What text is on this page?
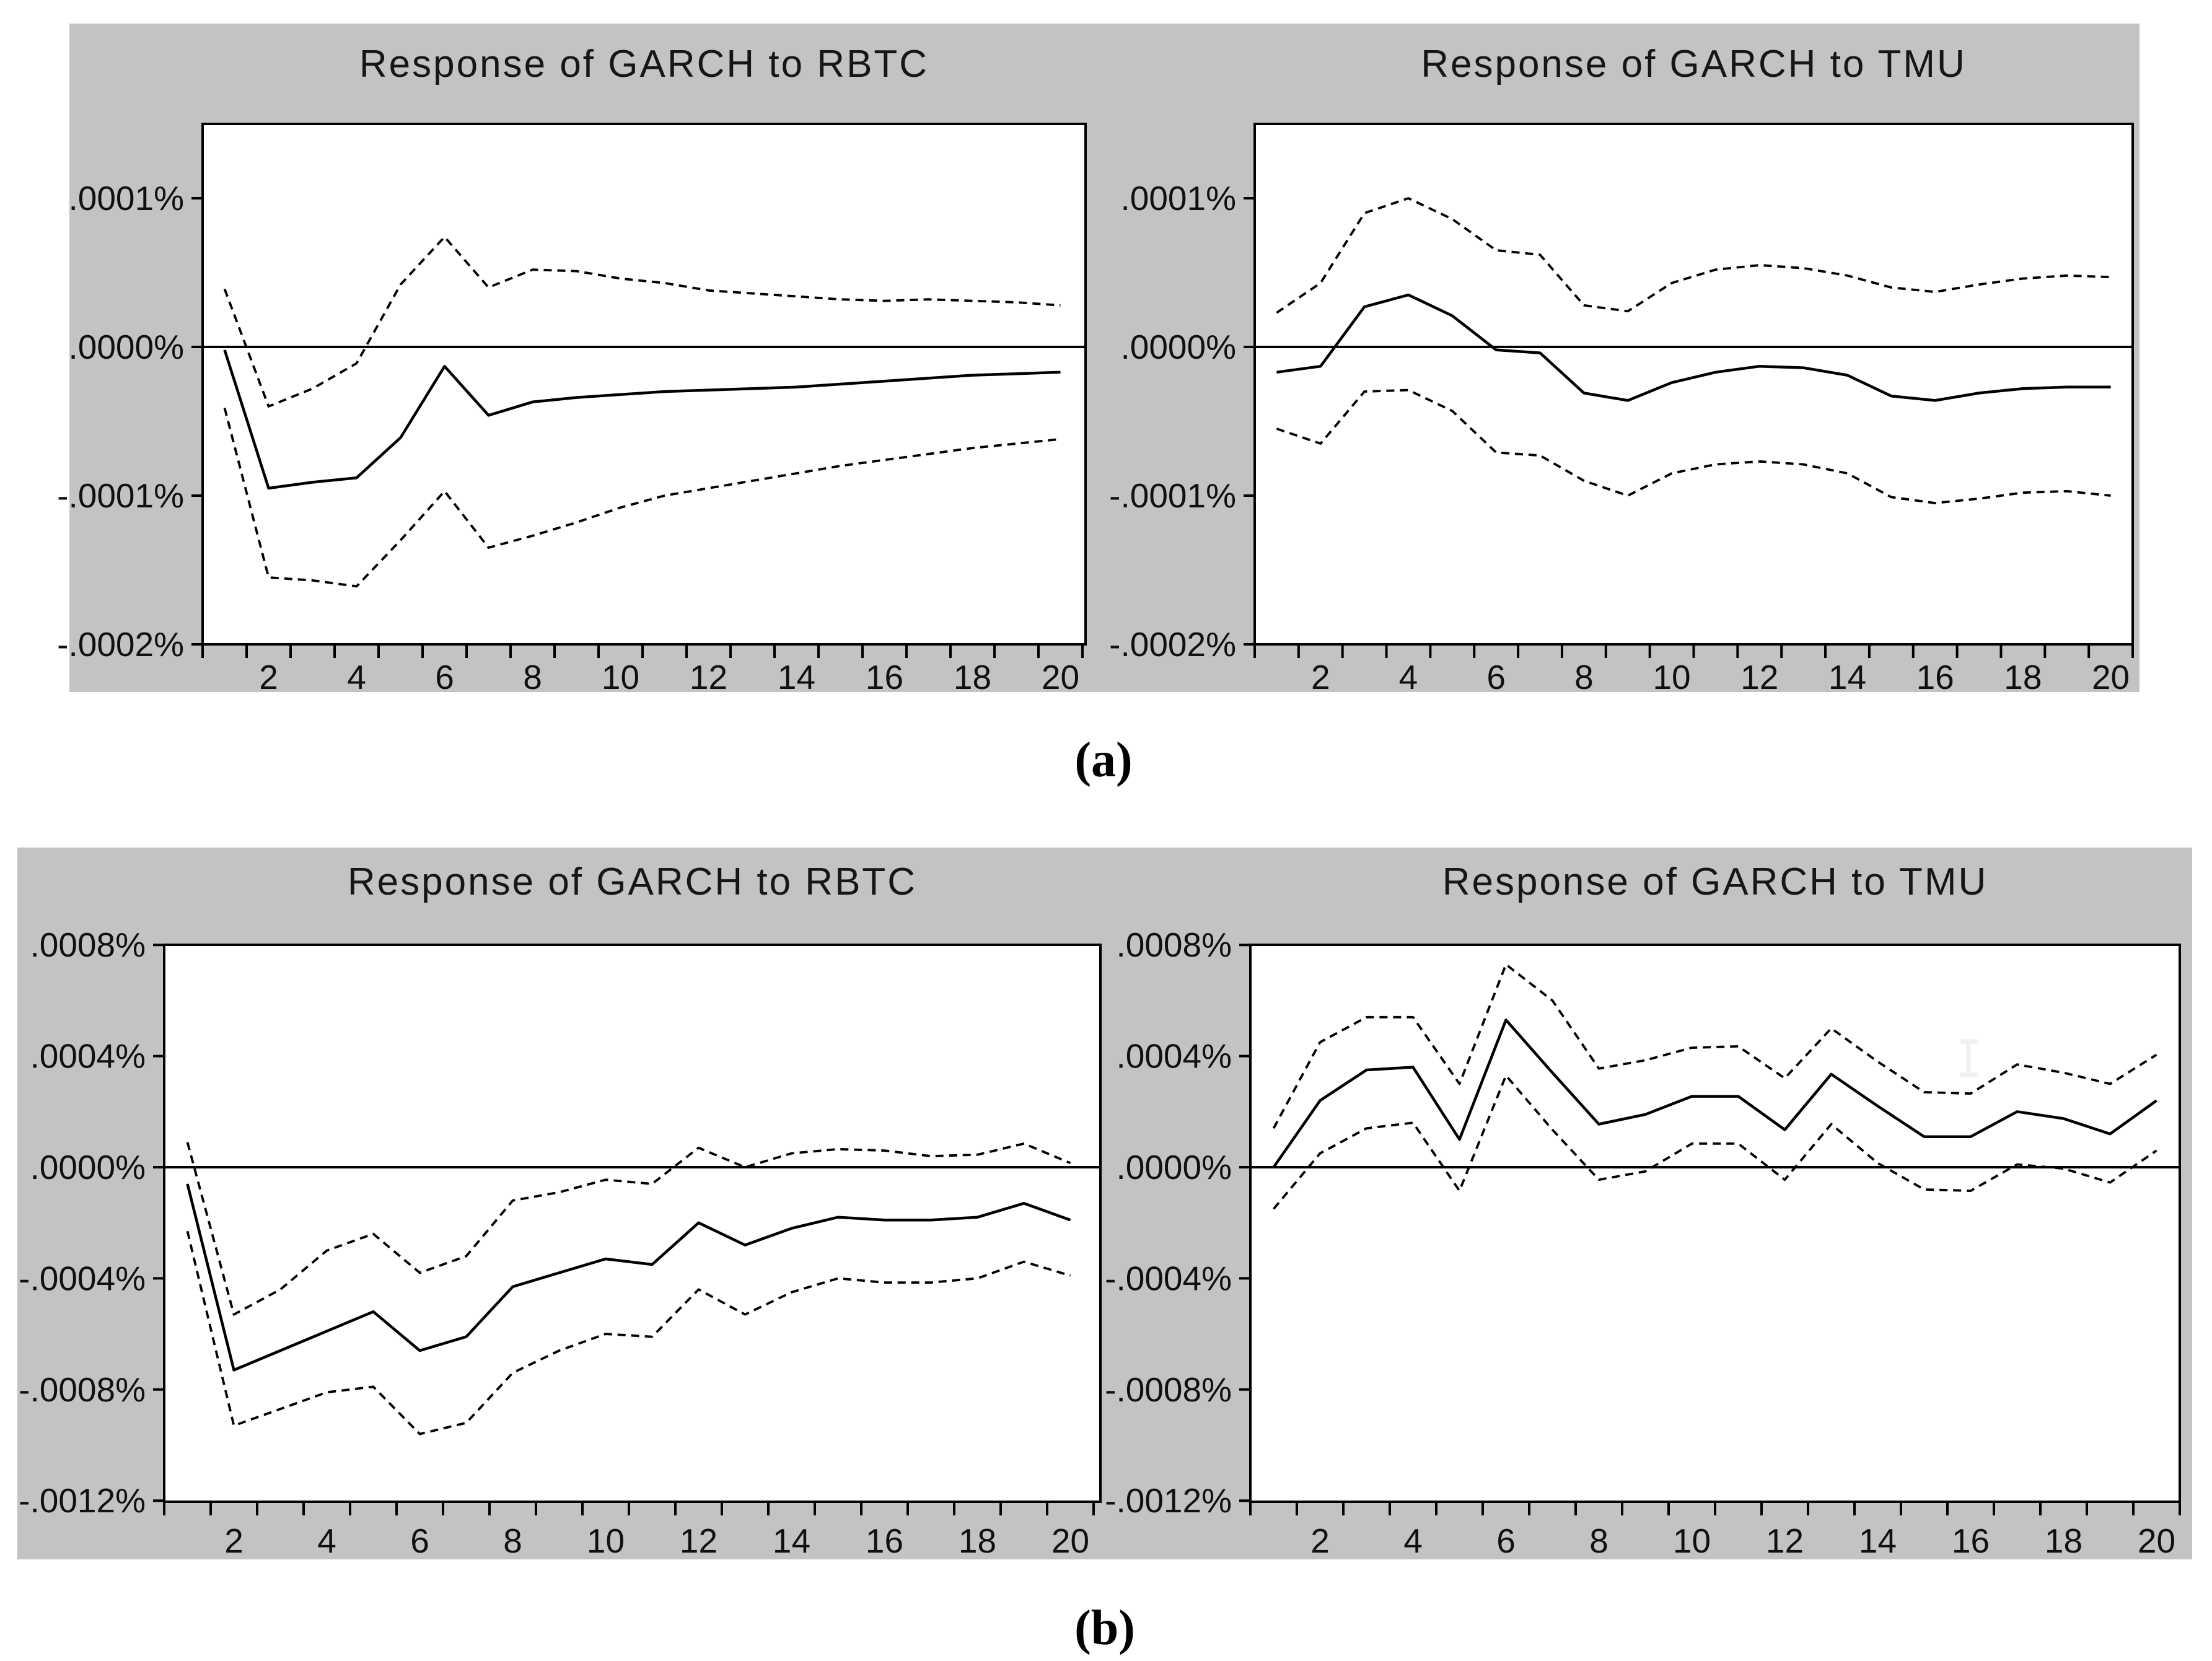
.0001%
.0000%
-.0001%
-.0002%
2 4 6 8 10 12 14 16 18 20
.0001%
.0000%
-.0001%
-.0002%
2 4 6 8 10 12 14 16 18 20
.0008%
.0004%
.0000%
-.0004%
-.0008%
-.0012%
2 4 6 8 10 12 14 16 18 20
.0008%
.0004%
.0000%
-.0004%
-.0008%
-.0012%
2 4 6 8 10 12 14 16 18 20
Response of GARCH to RBTC	Response of GARCH to TMU
Response of GARCH to RBTC	Response of GARCH to TMU
(a)
(b)
